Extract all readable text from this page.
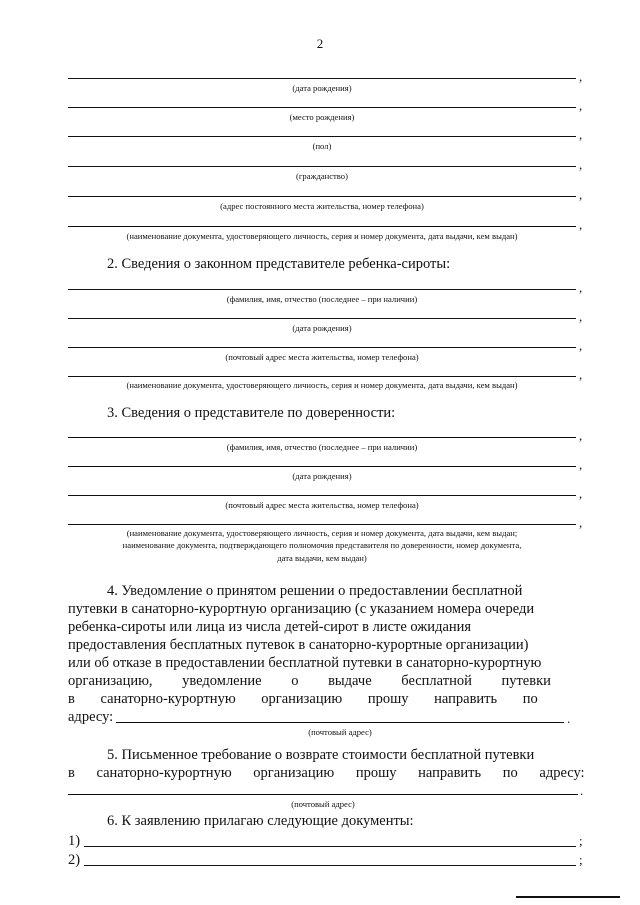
2
,
(дата рождения)
,
(место рождения)
,
(пол)
,
(гражданство)
,
(адрес постоянного места жительства, номер телефона)
,
(наименование документа, удостоверяющего личность, серия и номер документа, дата выдачи, кем выдан)
2. Сведения о законном представителе ребенка-сироты:
,
(фамилия, имя, отчество (последнее – при наличии)
,
(дата рождения)
,
(почтовый адрес места жительства, номер телефона)
,
(наименование документа, удостоверяющего личность, серия и номер документа, дата выдачи, кем выдан)
3. Сведения о представителе по доверенности:
,
(фамилия, имя, отчество (последнее – при наличии)
,
(дата рождения)
,
(почтовый адрес места жительства, номер телефона)
,
(наименование документа, удостоверяющего личность, серия и номер документа, дата выдачи, кем выдан;
наименование документа, подтверждающего полномочия представителя по доверенности, номер документа,
дата выдачи, кем выдан)
4. Уведомление о принятом решении о предоставлении бесплатной
путевки в санаторно-курортную организацию (с указанием номера очереди
ребенка-сироты или лица из числа детей-сирот в листе ожидания
предоставления бесплатных путевок в санаторно-курортные организации)
или об отказе в предоставлении бесплатной путевки в санаторно-курортную
организацию, уведомление о выдаче бесплатной путевки
в санаторно-курортную организацию прошу направить по
адресу:	.
(почтовый адрес)
5. Письменное требование о возврате стоимости бесплатной путевки
в санаторно-курортную организацию прошу направить по адресу:
.
(почтовый адрес)
6. К заявлению прилагаю следующие документы:
1)	;
2)	;
